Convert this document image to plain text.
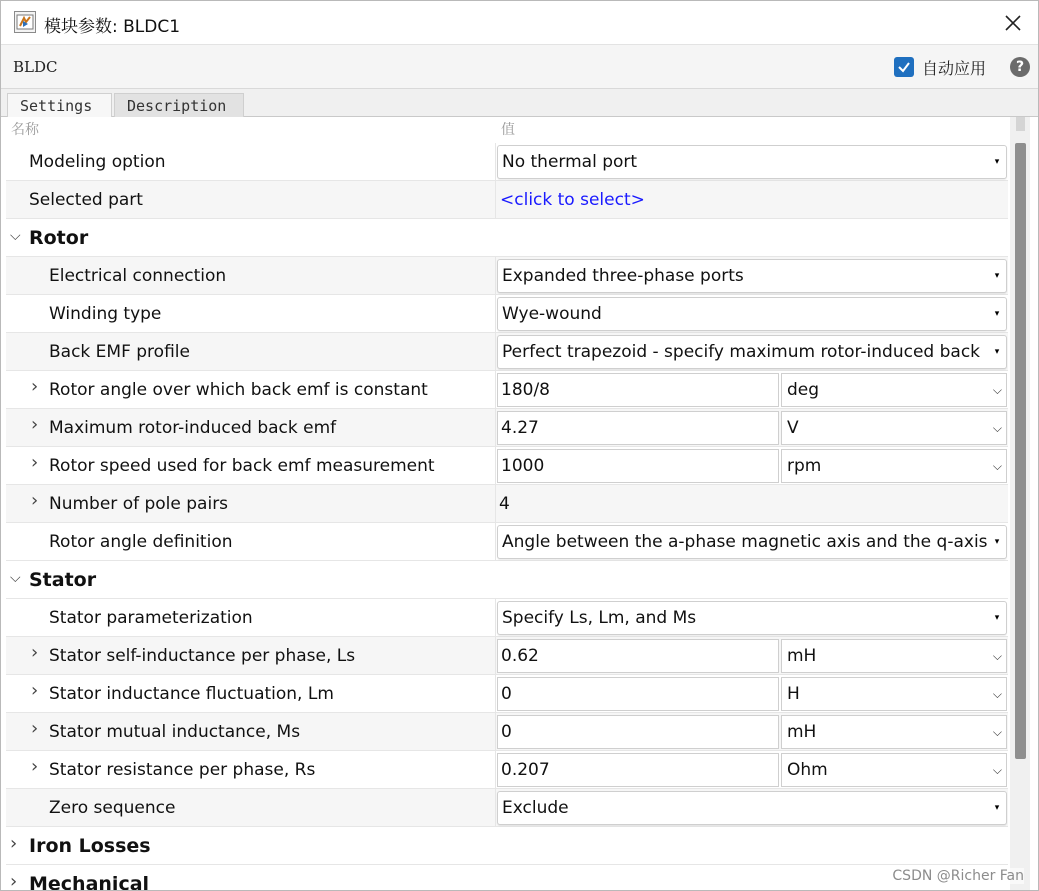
模块参数: BLDC1
BLDC	自动应用	?
Settings	Description
名称	值
Modeling option	No thermal port	▾
Selected part	<click to select>
⌵ Rotor
Electrical connection	Expanded three-phase ports	▾
Winding type	Wye-wound	▾
Back EMF profile	Perfect trapezoid - specify maximum rotor-induced back	▾
› Rotor angle over which back emf is constant	180/8	deg	⌵
› Maximum rotor-induced back emf	4.27	V	⌵
› Rotor speed used for back emf measurement	1000	rpm	⌵
› Number of pole pairs	4
Rotor angle definition	Angle between the a-phase magnetic axis and the q-axis ▾
⌵ Stator
Stator parameterization	Specify Ls, Lm, and Ms	▾
› Stator self-inductance per phase, Ls	0.62	mH	⌵
› Stator inductance fluctuation, Lm	0	H	⌵
› Stator mutual inductance, Ms	0	mH	⌵
› Stator resistance per phase, Rs	0.207	Ohm	⌵
Zero sequence	Exclude	▾
› Iron Losses
› Mechanical	CSDN @Richer Fan
